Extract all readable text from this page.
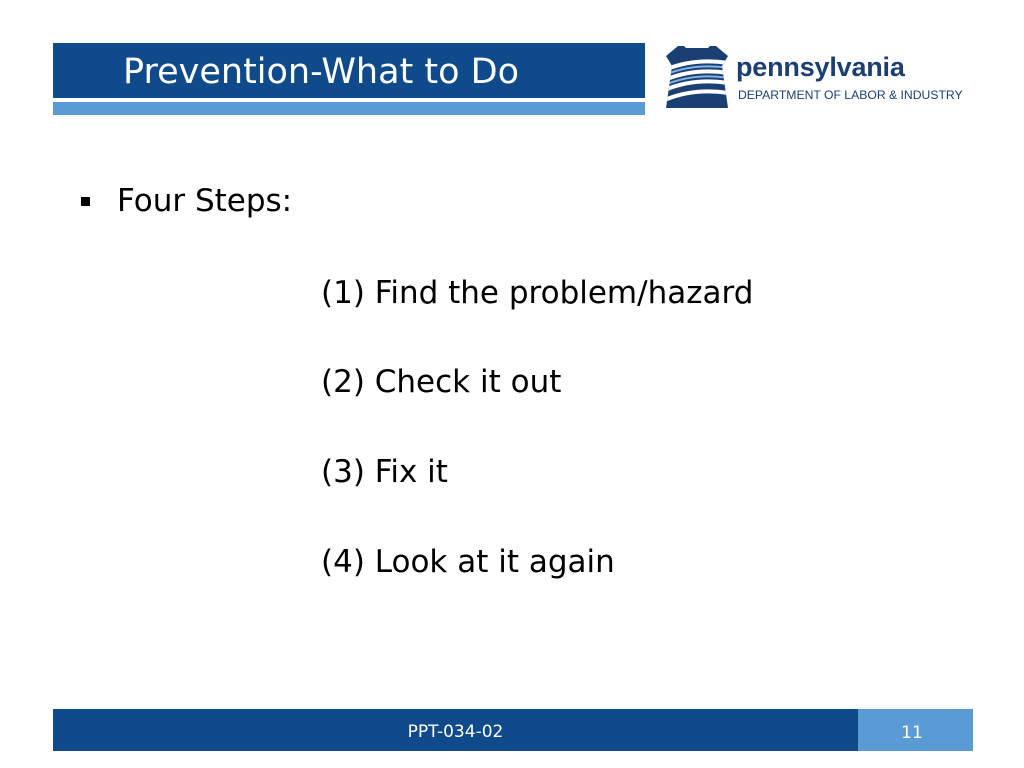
Prevention-What to Do	pennsylvania
DEPARTMENT OF LABOR & INDUSTRY
Four Steps:
(1) Find the problem/hazard
(2) Check it out
(3) Fix it
(4) Look at it again
PPT-034-02	11
